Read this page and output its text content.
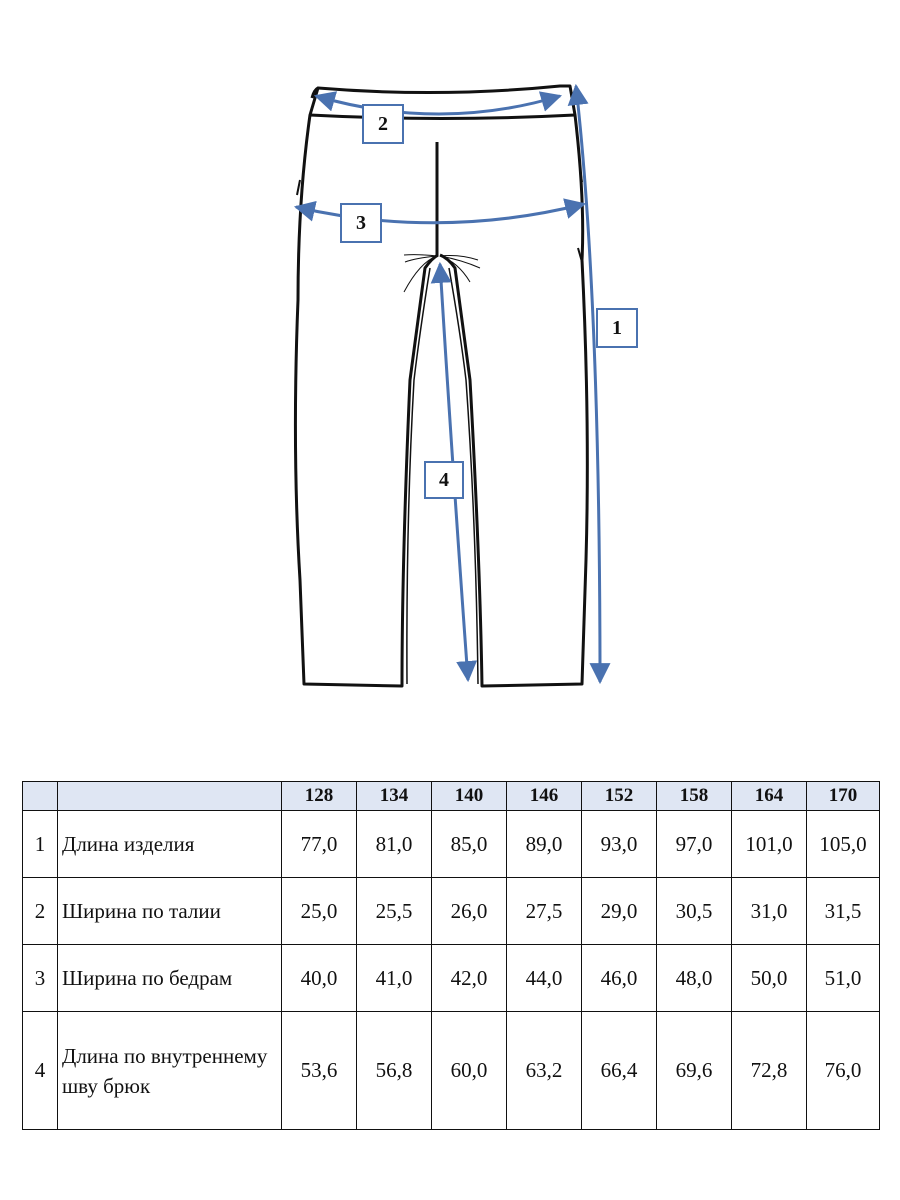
1
2
3
4
		128	134	140	146	152	158	164	170
1	Длина изделия	77,0	81,0	85,0	89,0	93,0	97,0	101,0	105,0
2	Ширина по талии	25,0	25,5	26,0	27,5	29,0	30,5	31,0	31,5
3	Ширина по бедрам	40,0	41,0	42,0	44,0	46,0	48,0	50,0	51,0
4	Длина по внутреннему шву брюк	53,6	56,8	60,0	63,2	66,4	69,6	72,8	76,0
